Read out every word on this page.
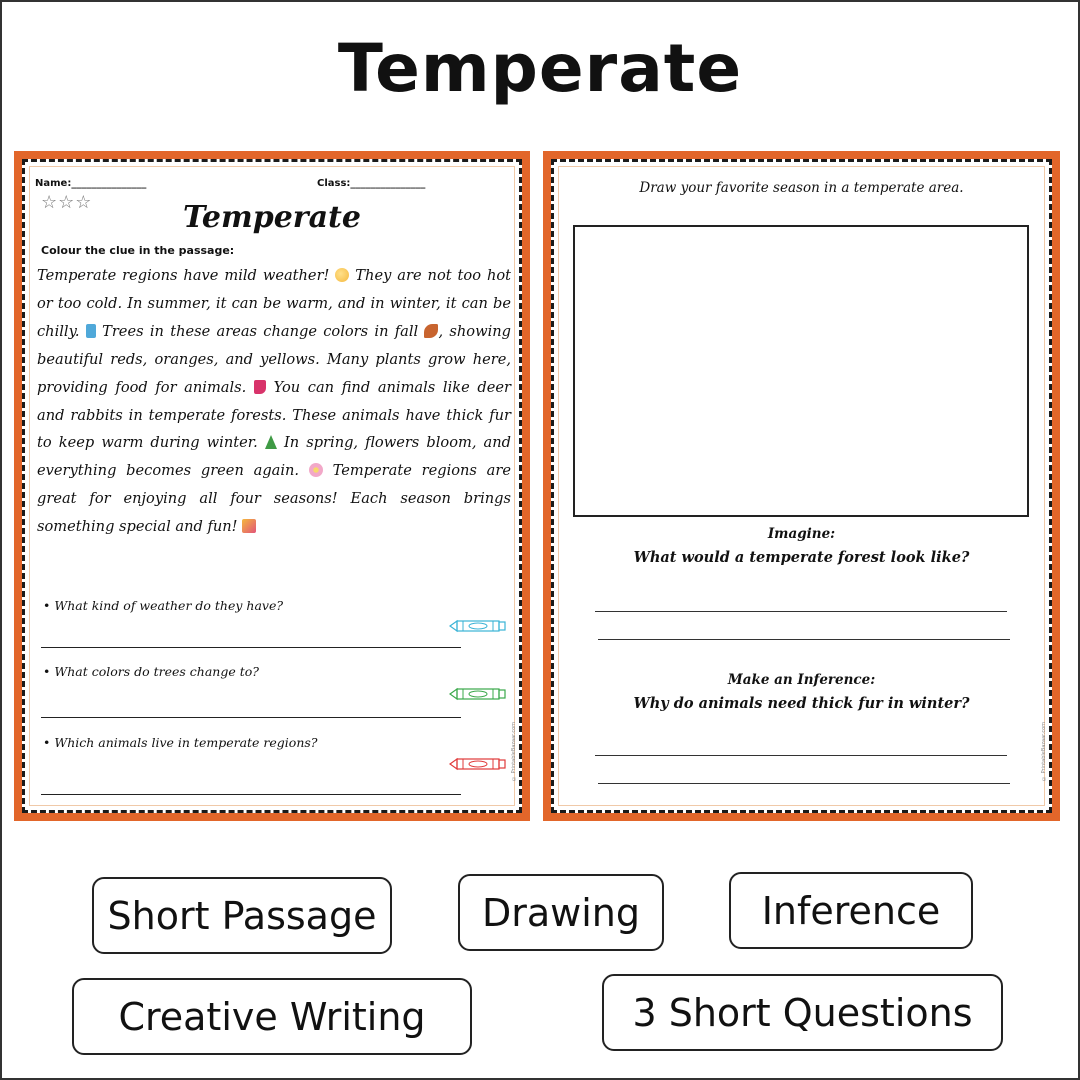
Temperate
Name:_______________	Class:_______________
☆☆☆	Temperate
Colour the clue in the passage:
Temperate regions have mild weather!  They are not too hot or too cold. In summer, it can be warm, and in winter, it can be chilly.  Trees in these areas change colors in fall , showing beautiful reds, oranges, and yellows. Many plants grow here, providing food for animals.  You can find animals like deer and rabbits in temperate forests. These animals have thick fur to keep warm during winter.  In spring, flowers bloom, and everything becomes green again.  Temperate regions are great for enjoying all four seasons! Each season brings something special and fun!
• What kind of weather do they have?
• What colors do trees change to?
• Which animals live in temperate regions?	© PrintableBazaar.com
Draw your favorite season in a temperate area.
Imagine:
What would a temperate forest look like?
Make an Inference:
Why do animals need thick fur in winter?
© PrintableBazaar.com
Short Passage	Drawing	Inference
Creative Writing	3 Short Questions
